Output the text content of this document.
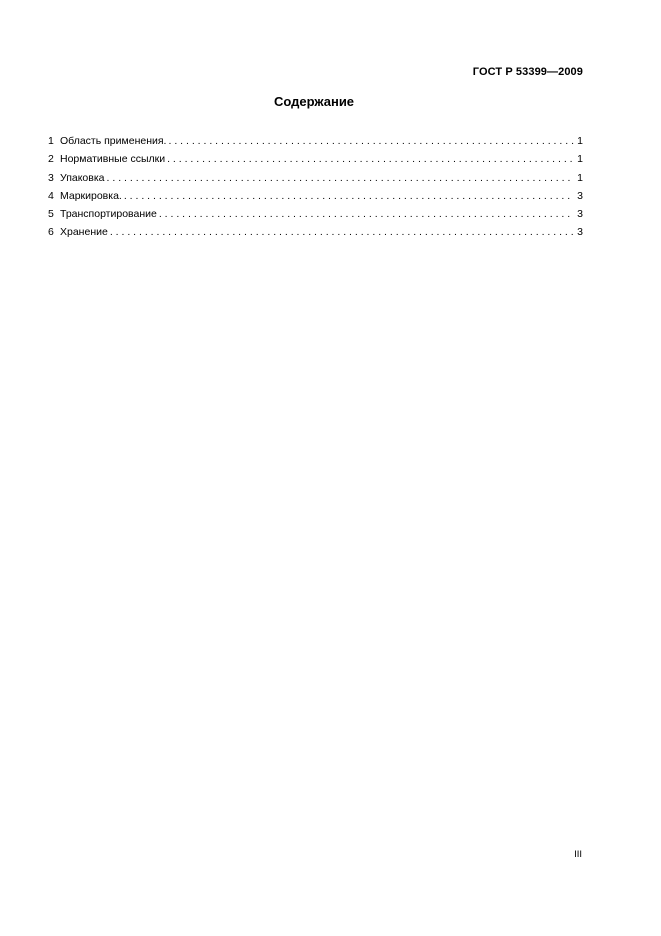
ГОСТ Р 53399—2009
Содержание
1 Область применения. . . .	1
2 Нормативные ссылки . . .	1
3 Упаковка . . .	1
4 Маркировка. . . .	3
5 Транспортирование . . .	3
6 Хранение . . .	3
III
